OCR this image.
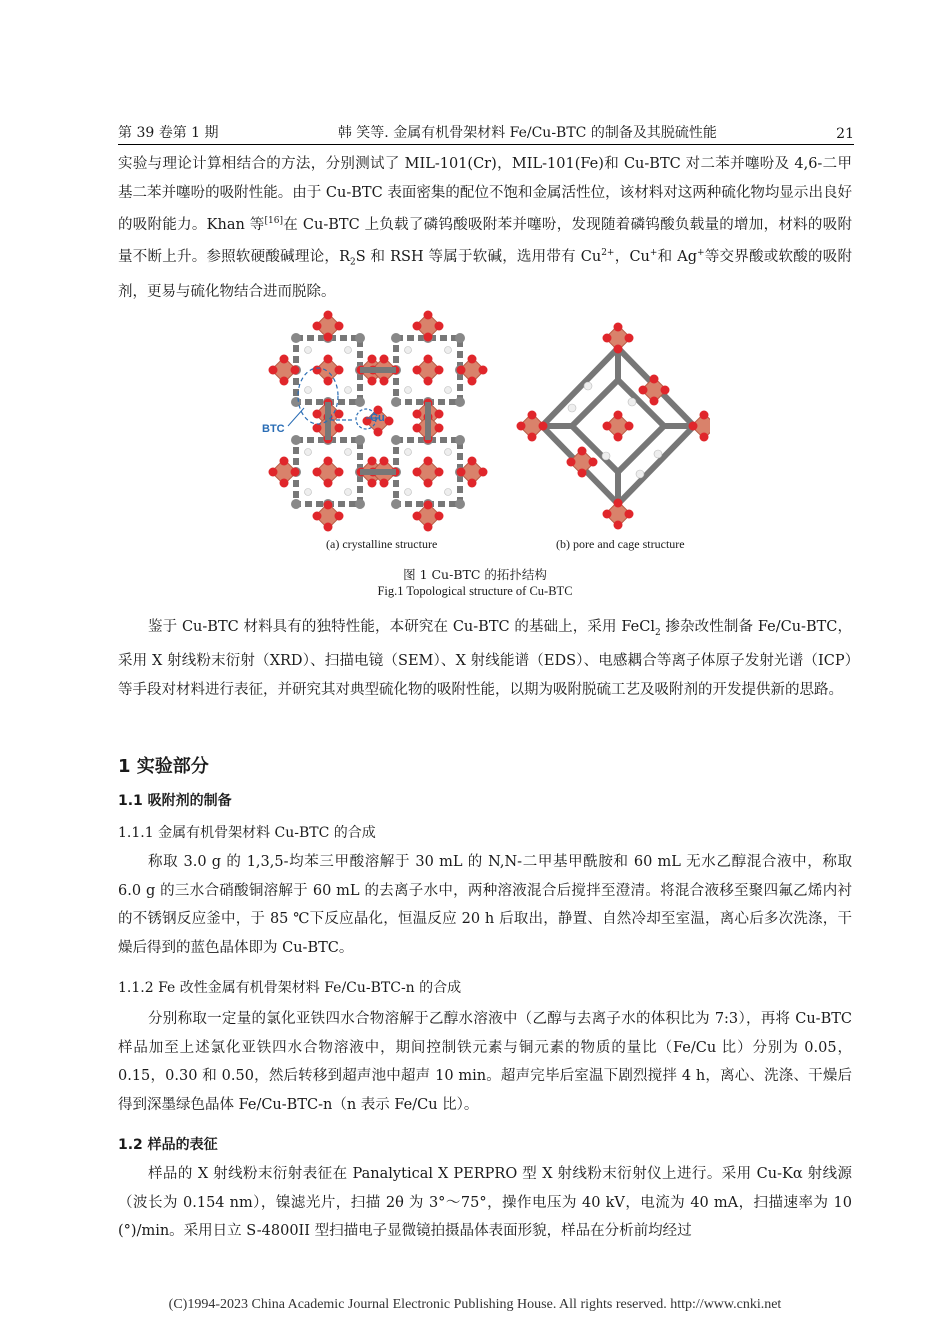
第 39 卷第 1 期	韩 笑等. 金属有机骨架材料 Fe/Cu-BTC 的制备及其脱硫性能	21

实验与理论计算相结合的方法，分别测试了 MIL-101(Cr)，MIL-101(Fe)和 Cu-BTC 对二苯并噻吩及 4,6-二甲基二苯并噻吩的吸附性能。由于 Cu-BTC 表面密集的配位不饱和金属活性位，该材料对这两种硫化物均显示出良好的吸附能力。Khan 等[16]在 Cu-BTC 上负载了磷钨酸吸附苯并噻吩，发现随着磷钨酸负载量的增加，材料的吸附量不断上升。参照软硬酸碱理论，$R_2S$ 和 RSH 等属于软碱，选用带有 $Cu^{2+}$，Cu+和 Ag+等交界酸或软酸的吸附剂，更易与硫化物结合进而脱除。

BTC
Cu
(a) crystalline structure	(b) pore and cage structure
图 1 Cu-BTC 的拓扑结构
Fig.1 Topological structure of Cu-BTC

鉴于 Cu-BTC 材料具有的独特性能，本研究在 Cu-BTC 的基础上，采用 FeCl$_2$ 掺杂改性制备 Fe/Cu-BTC，采用 X 射线粉末衍射（XRD）、扫描电镜（SEM）、X 射线能谱（EDS）、电感耦合等离子体原子发射光谱（ICP）等手段对材料进行表征，并研究其对典型硫化物的吸附性能，以期为吸附脱硫工艺及吸附剂的开发提供新的思路。

1 实验部分
1.1 吸附剂的制备
1.1.1 金属有机骨架材料 Cu-BTC 的合成

称取 3.0 g 的 1,3,5-均苯三甲酸溶解于 30 mL 的 N,N-二甲基甲酰胺和 60 mL 无水乙醇混合液中，称取 6.0 g 的三水合硝酸铜溶解于 60 mL 的去离子水中，两种溶液混合后搅拌至澄清。将混合液移至聚四氟乙烯内衬的不锈钢反应釜中，于 85 ℃下反应晶化，恒温反应 20 h 后取出，静置、自然冷却至室温，离心后多次洗涤，干燥后得到的蓝色晶体即为 Cu-BTC。

1.1.2 Fe 改性金属有机骨架材料 Fe/Cu-BTC-n 的合成

分别称取一定量的氯化亚铁四水合物溶解于乙醇水溶液中（乙醇与去离子水的体积比为 7:3），再将 Cu-BTC 样品加至上述氯化亚铁四水合物溶液中，期间控制铁元素与铜元素的物质的量比（Fe/Cu 比）分别为 0.05，0.15，0.30 和 0.50，然后转移到超声池中超声 10 min。超声完毕后室温下剧烈搅拌 4 h，离心、洗涤、干燥后得到深墨绿色晶体 Fe/Cu-BTC-n（n 表示 Fe/Cu 比）。

1.2 样品的表征

样品的 X 射线粉末衍射表征在 Panalytical X PERPRO 型 X 射线粉末衍射仪上进行。采用 Cu-Kα 射线源（波长为 0.154 nm），镍滤光片，扫描 2θ 为 3°～75°，操作电压为 40 kV，电流为 40 mA，扫描速率为 10 (°)/min。采用日立 S-4800II 型扫描电子显微镜拍摄晶体表面形貌，样品在分析前均经过

(C)1994-2023 China Academic Journal Electronic Publishing House. All rights reserved. http://www.cnki.net
